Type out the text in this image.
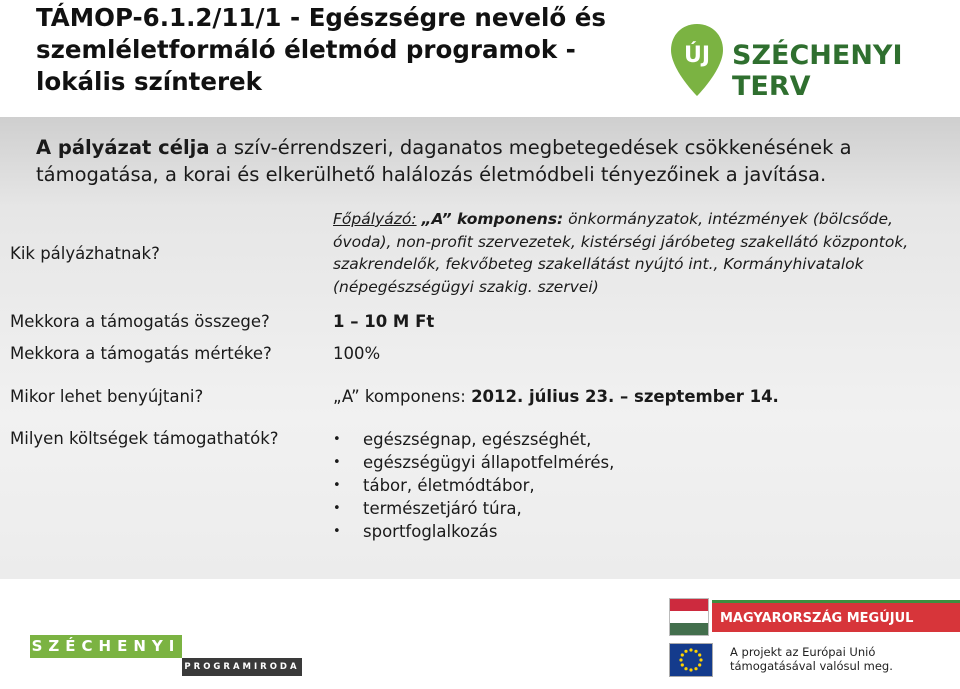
TÁMOP-6.1.2/11/1 - Egészségre nevelő és szemléletformáló életmód programok - lokális színterek
ÚJ SZÉCHENYI TERV
A pályázat célja a szív-érrendszeri, daganatos megbetegedések csökkenésének a támogatása, a korai és elkerülhető halálozás életmódbeli tényezőinek a javítása.
Kik pályázhatnak?
Főpályázó: „A” komponens: önkormányzatok, intézmények (bölcsőde, óvoda), non-profit szervezetek, kistérségi járóbeteg szakellátó központok, szakrendelők, fekvőbeteg szakellátást nyújtó int., Kormányhivatalok (népegészségügyi szakig. szervei)
Mekkora a támogatás összege?	1 – 10 M Ft
Mekkora a támogatás mértéke?	100%
Mikor lehet benyújtani?	„A” komponens: 2012. július 23. – szeptember 14.
Milyen költségek támogathatók?
•	egészségnap, egészséghét,
• egészségügyi állapotfelmérés,
• tábor, életmódtábor,
• természetjáró túra,
• sportfoglalkozás
SZÉCHENYI
PROGRAMIRODA
MAGYARORSZÁG MEGÚJUL
A projekt az Európai Unió támogatásával valósul meg.
